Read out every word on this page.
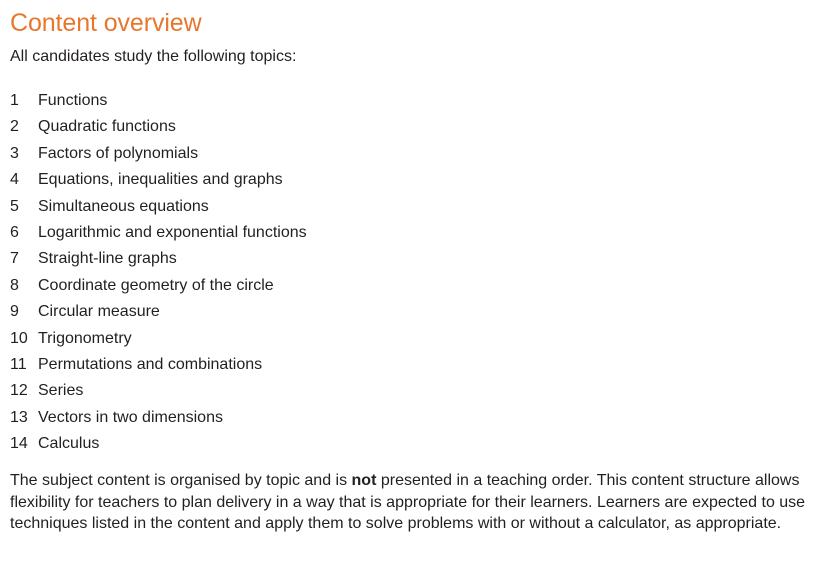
Content overview

All candidates study the following topics:

1	Functions
2	Quadratic functions
3	Factors of polynomials
4	Equations, inequalities and graphs
5	Simultaneous equations
6	Logarithmic and exponential functions
7	Straight-line graphs
8	Coordinate geometry of the circle
9	Circular measure
10 Trigonometry
11 Permutations and combinations
12 Series
13 Vectors in two dimensions
14 Calculus

The subject content is organised by topic and is not presented in a teaching order. This content structure allows flexibility for teachers to plan delivery in a way that is appropriate for their learners. Learners are expected to use techniques listed in the content and apply them to solve problems with or without a calculator, as appropriate.
